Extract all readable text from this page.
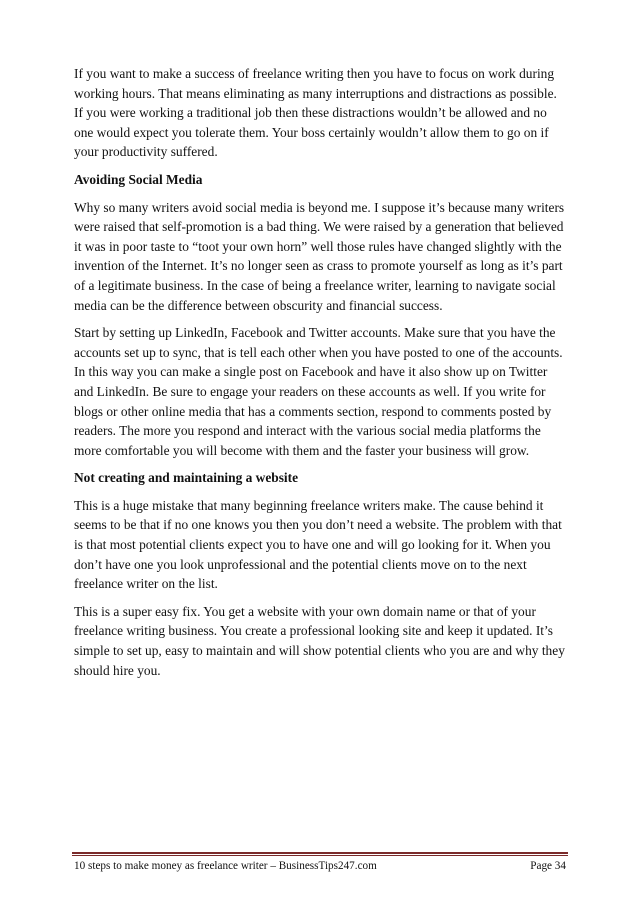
If you want to make a success of freelance writing then you have to focus on work during working hours. That means eliminating as many interruptions and distractions as possible. If you were working a traditional job then these distractions wouldn’t be allowed and no one would expect you tolerate them. Your boss certainly wouldn’t allow them to go on if your productivity suffered.

Avoiding Social Media

Why so many writers avoid social media is beyond me. I suppose it’s because many writers were raised that self-promotion is a bad thing. We were raised by a generation that believed it was in poor taste to “toot your own horn” well those rules have changed slightly with the invention of the Internet. It’s no longer seen as crass to promote yourself as long as it’s part of a legitimate business. In the case of being a freelance writer, learning to navigate social media can be the difference between obscurity and financial success.

Start by setting up LinkedIn, Facebook and Twitter accounts. Make sure that you have the accounts set up to sync, that is tell each other when you have posted to one of the accounts. In this way you can make a single post on Facebook and have it also show up on Twitter and LinkedIn. Be sure to engage your readers on these accounts as well. If you write for blogs or other online media that has a comments section, respond to comments posted by readers. The more you respond and interact with the various social media platforms the more comfortable you will become with them and the faster your business will grow.

Not creating and maintaining a website

This is a huge mistake that many beginning freelance writers make. The cause behind it seems to be that if no one knows you then you don’t need a website. The problem with that is that most potential clients expect you to have one and will go looking for it. When you don’t have one you look unprofessional and the potential clients move on to the next freelance writer on the list.

This is a super easy fix. You get a website with your own domain name or that of your freelance writing business. You create a professional looking site and keep it updated. It’s simple to set up, easy to maintain and will show potential clients who you are and why they should hire you.

10 steps to make money as freelance writer – BusinessTips247.com	Page 34
